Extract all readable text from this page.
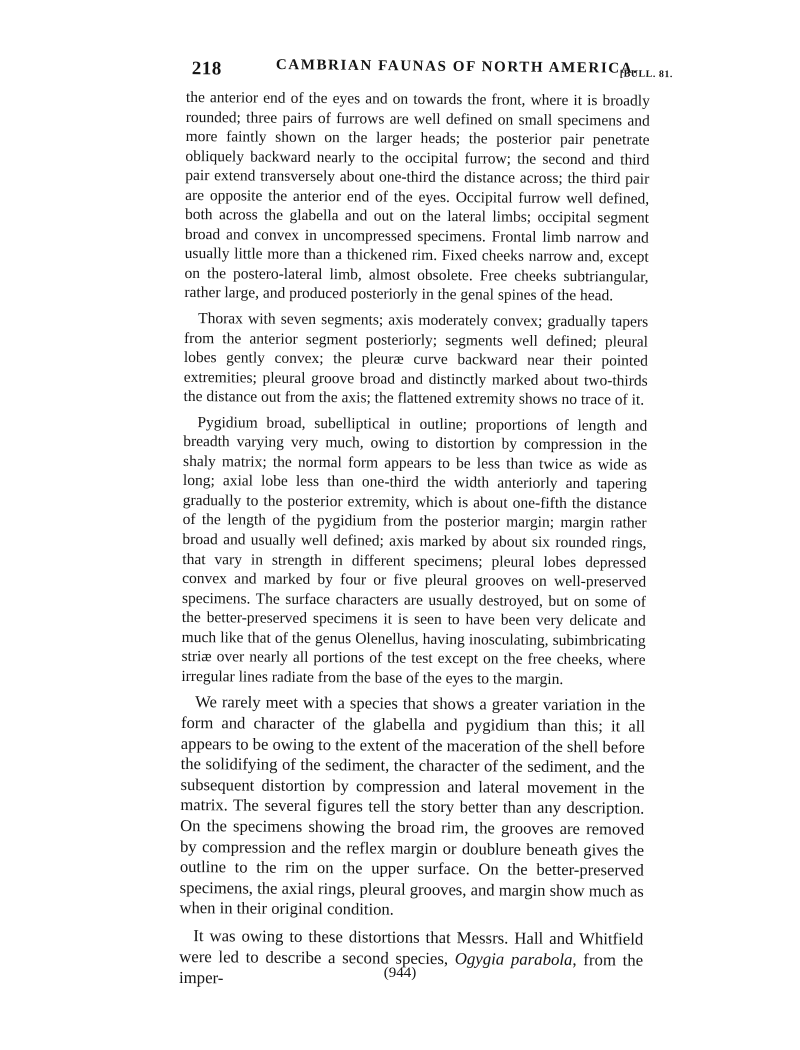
218	CAMBRIAN FAUNAS OF NORTH AMERICA.
[BULL. 81.

the anterior end of the eyes and on towards the front, where it is broadly rounded; three pairs of furrows are well defined on small specimens and more faintly shown on the larger heads; the posterior pair penetrate obliquely backward nearly to the occipital furrow; the second and third pair extend transversely about one-third the distance across; the third pair are opposite the anterior end of the eyes. Occipital furrow well defined, both across the glabella and out on the lateral limbs; occipital segment broad and convex in uncompressed specimens. Frontal limb narrow and usually little more than a thickened rim. Fixed cheeks narrow and, except on the postero-lateral limb, almost obsolete. Free cheeks subtriangular, rather large, and produced posteriorly in the genal spines of the head.

Thorax with seven segments; axis moderately convex; gradually tapers from the anterior segment posteriorly; segments well defined; pleural lobes gently convex; the pleuræ curve backward near their pointed extremities; pleural groove broad and distinctly marked about two-thirds the distance out from the axis; the flattened extremity shows no trace of it.

Pygidium broad, subelliptical in outline; proportions of length and breadth varying very much, owing to distortion by compression in the shaly matrix; the normal form appears to be less than twice as wide as long; axial lobe less than one-third the width anteriorly and tapering gradually to the posterior extremity, which is about one-fifth the distance of the length of the pygidium from the posterior margin; margin rather broad and usually well defined; axis marked by about six rounded rings, that vary in strength in different specimens; pleural lobes depressed convex and marked by four or five pleural grooves on well-preserved specimens. The surface characters are usually destroyed, but on some of the better-preserved specimens it is seen to have been very delicate and much like that of the genus Olenellus, having inosculating, subimbricating striæ over nearly all portions of the test except on the free cheeks, where irregular lines radiate from the base of the eyes to the margin.

We rarely meet with a species that shows a greater variation in the form and character of the glabella and pygidium than this; it all appears to be owing to the extent of the maceration of the shell before the solidifying of the sediment, the character of the sediment, and the subsequent distortion by compression and lateral movement in the matrix. The several figures tell the story better than any description. On the specimens showing the broad rim, the grooves are removed by compression and the reflex margin or doublure beneath gives the outline to the rim on the upper surface. On the better-preserved specimens, the axial rings, pleural grooves, and margin show much as when in their original condition.

It was owing to these distortions that Messrs. Hall and Whitfield were led to describe a second species, Ogygia parabola, from the imper-	(944)
